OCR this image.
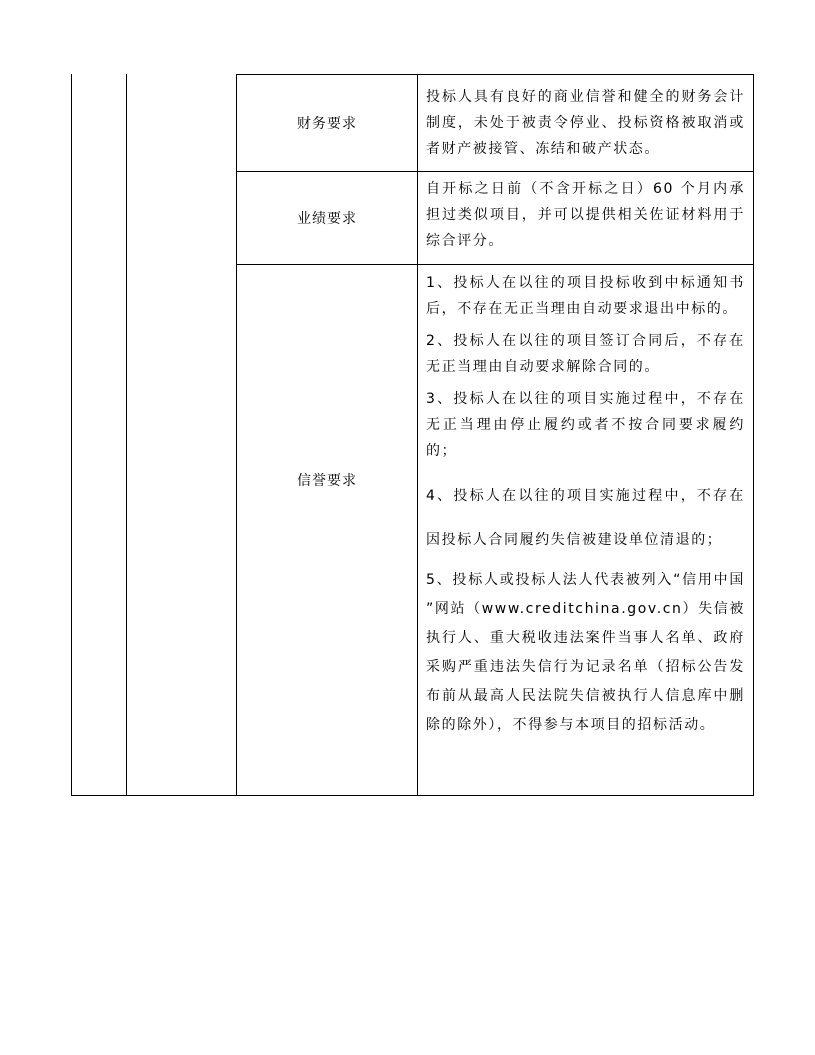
财务要求

投标人具有良好的商业信誉和健全的财务会计制度，未处于被责令停业、投标资格被取消或者财产被接管、冻结和破产状态。

业绩要求

自开标之日前（不含开标之日）60 个月内承担过类似项目，并可以提供相关佐证材料用于综合评分。

信誉要求

1、投标人在以往的项目投标收到中标通知书后，不存在无正当理由自动要求退出中标的。

2、投标人在以往的项目签订合同后，不存在无正当理由自动要求解除合同的。

3、投标人在以往的项目实施过程中，不存在 无正当理由停止履约或者不按合同要求履约的；

4、投标人在以往的项目实施过程中，不存在因投标人合同履约失信被建设单位清退的；

5、投标人或投标人法人代表被列入“信用中国 ”网站（www.creditchina.gov.cn）失信被 执行人、重大税收违法案件当事人名单、政府 采购严重违法失信行为记录名单（招标公告发布前从最高人民法院失信被执行人信息库中删除的除外），不得参与本项目的招标活动。
